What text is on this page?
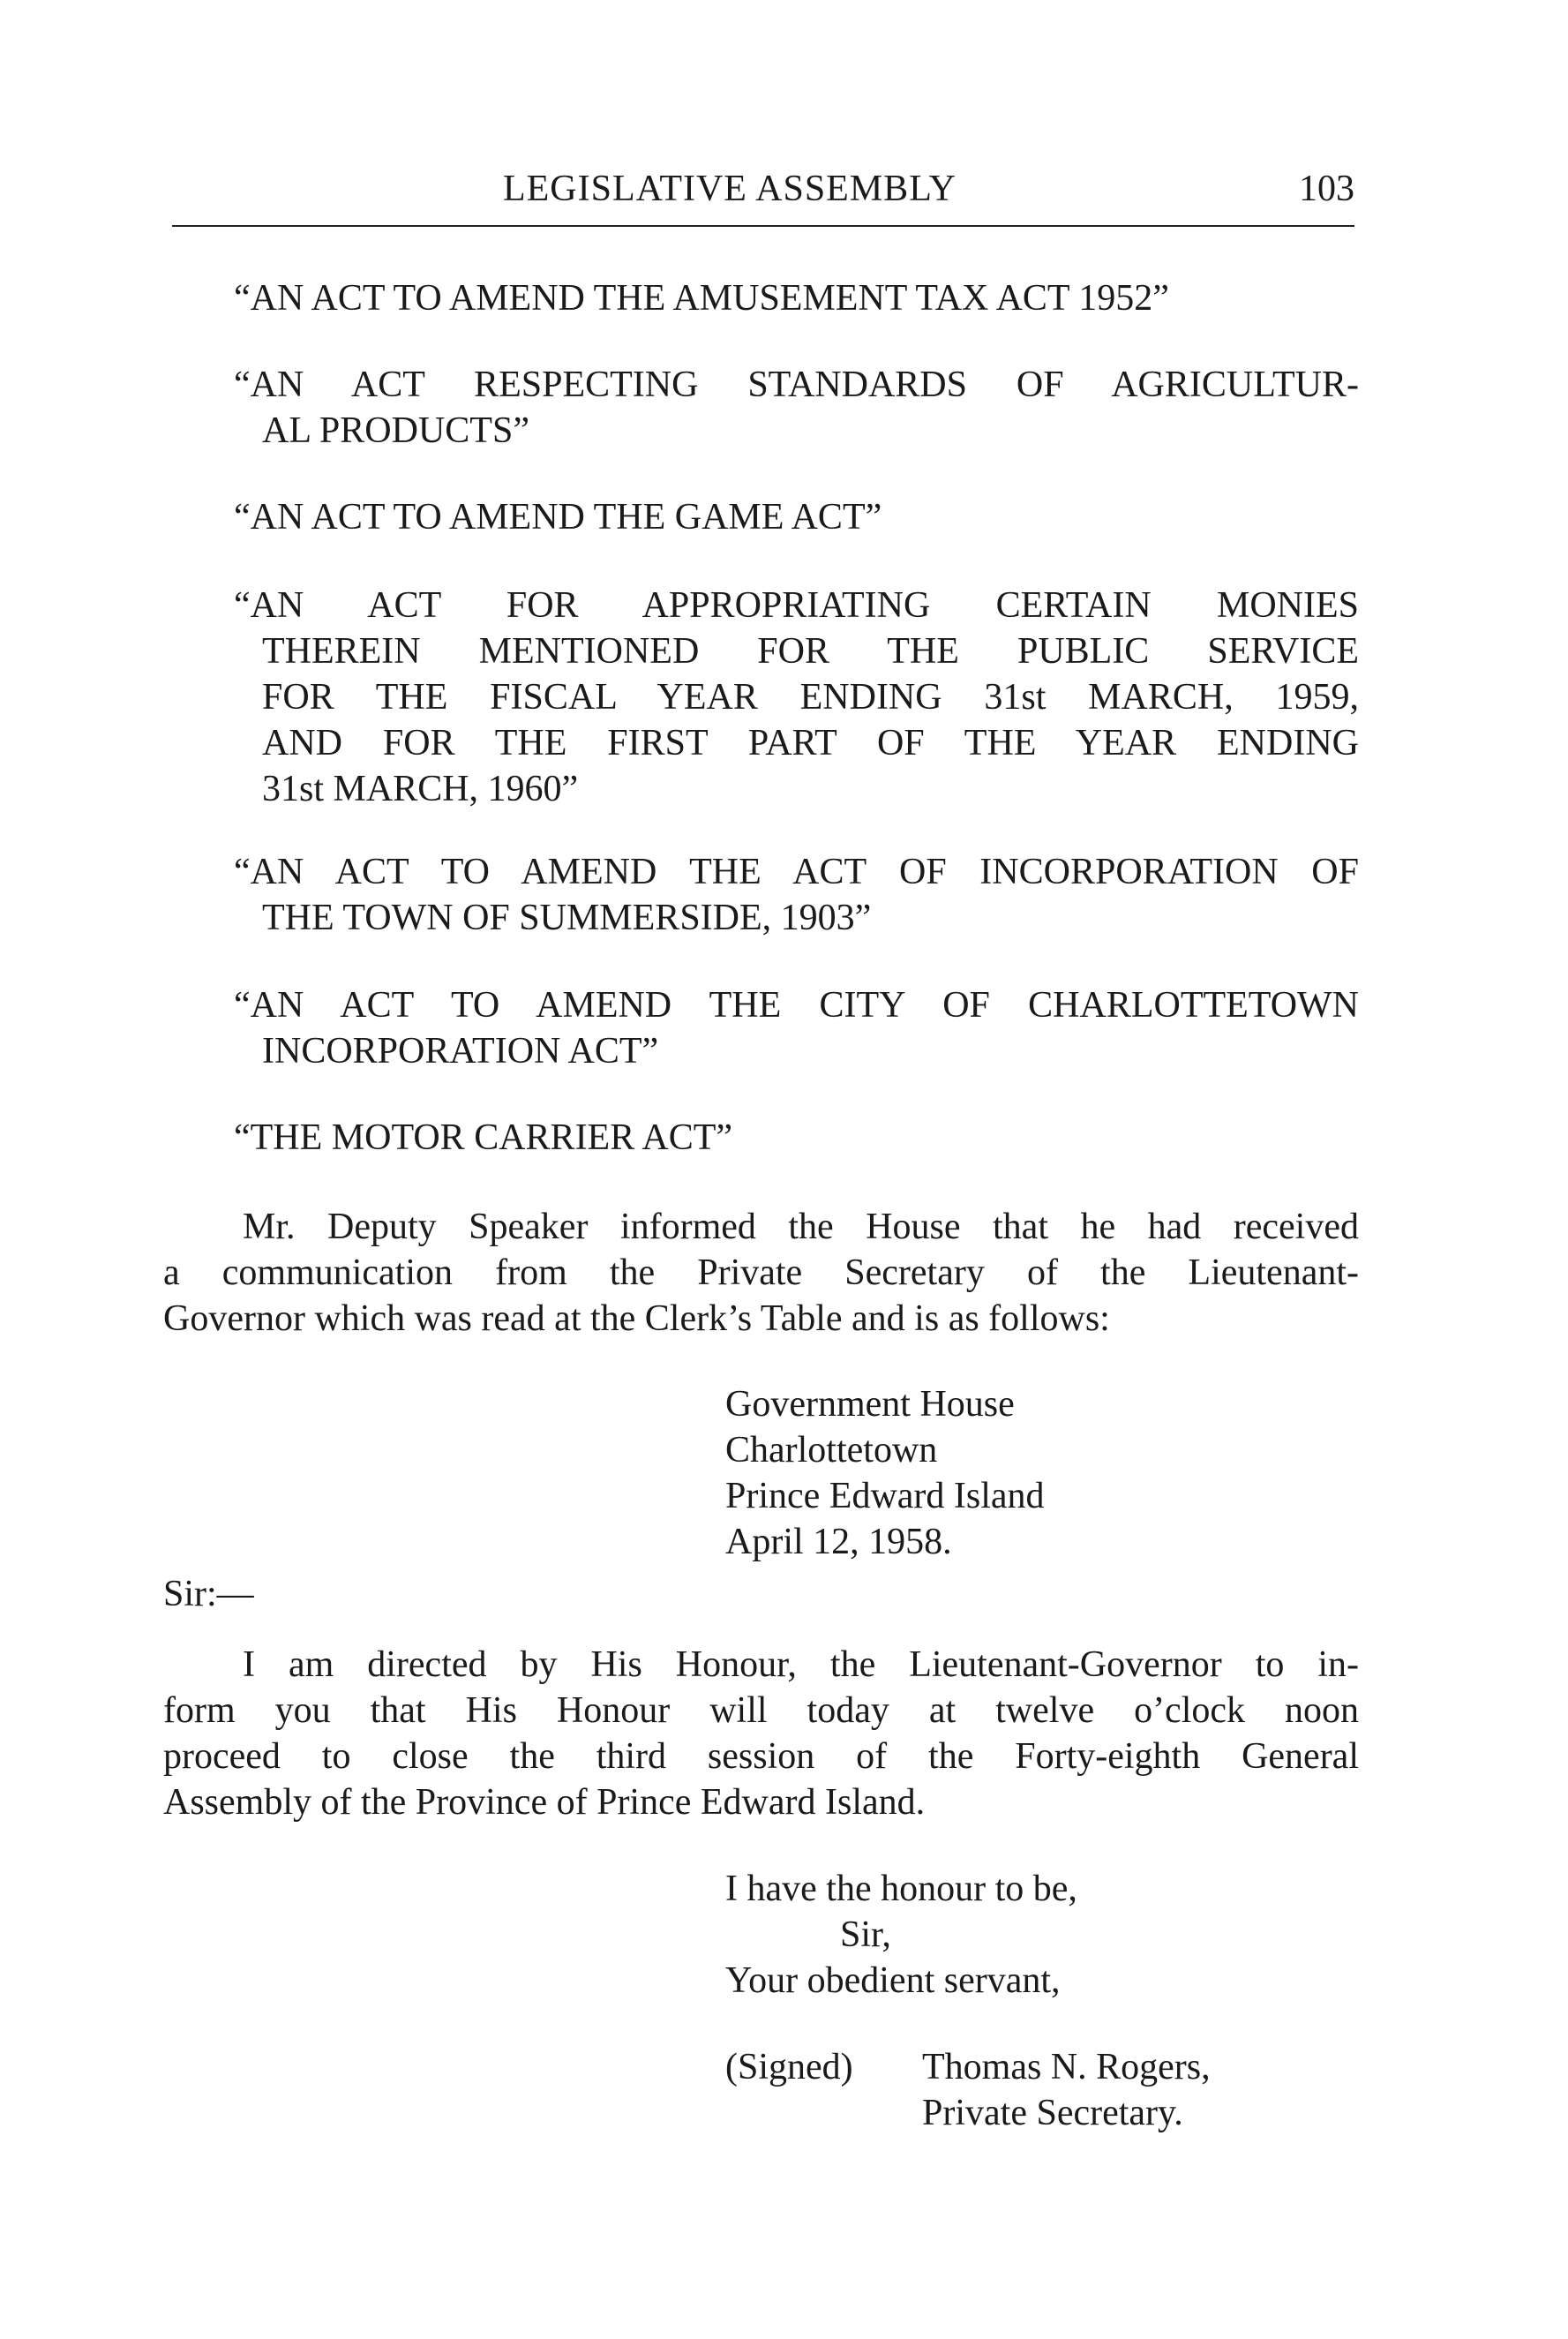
LEGISLATIVE ASSEMBLY	103

“AN ACT TO AMEND THE AMUSEMENT TAX ACT 1952”

“AN ACT RESPECTING STANDARDS OF AGRICULTUR-
AL PRODUCTS”

“AN ACT TO AMEND THE GAME ACT”

“AN ACT FOR APPROPRIATING CERTAIN MONIES
THEREIN MENTIONED FOR THE PUBLIC SERVICE
FOR THE FISCAL YEAR ENDING 31st MARCH, 1959,
AND FOR THE FIRST PART OF THE YEAR ENDING
31st MARCH, 1960”

“AN ACT TO AMEND THE ACT OF INCORPORATION OF
THE TOWN OF SUMMERSIDE, 1903”

“AN ACT TO AMEND THE CITY OF CHARLOTTETOWN
INCORPORATION ACT”

“THE MOTOR CARRIER ACT”

Mr. Deputy Speaker informed the House that he had received
a communication from the Private Secretary of the Lieutenant-
Governor which was read at the Clerk’s Table and is as follows:

Government House
Charlottetown
Prince Edward Island
April 12, 1958.

Sir:—

I am directed by His Honour, the Lieutenant-Governor to in-
form you that His Honour will today at twelve o’clock noon
proceed to close the third session of the Forty-eighth General
Assembly of the Province of Prince Edward Island.

I have the honour to be,
Sir,
Your obedient servant,

(Signed) Thomas N. Rogers,
Private Secretary.
